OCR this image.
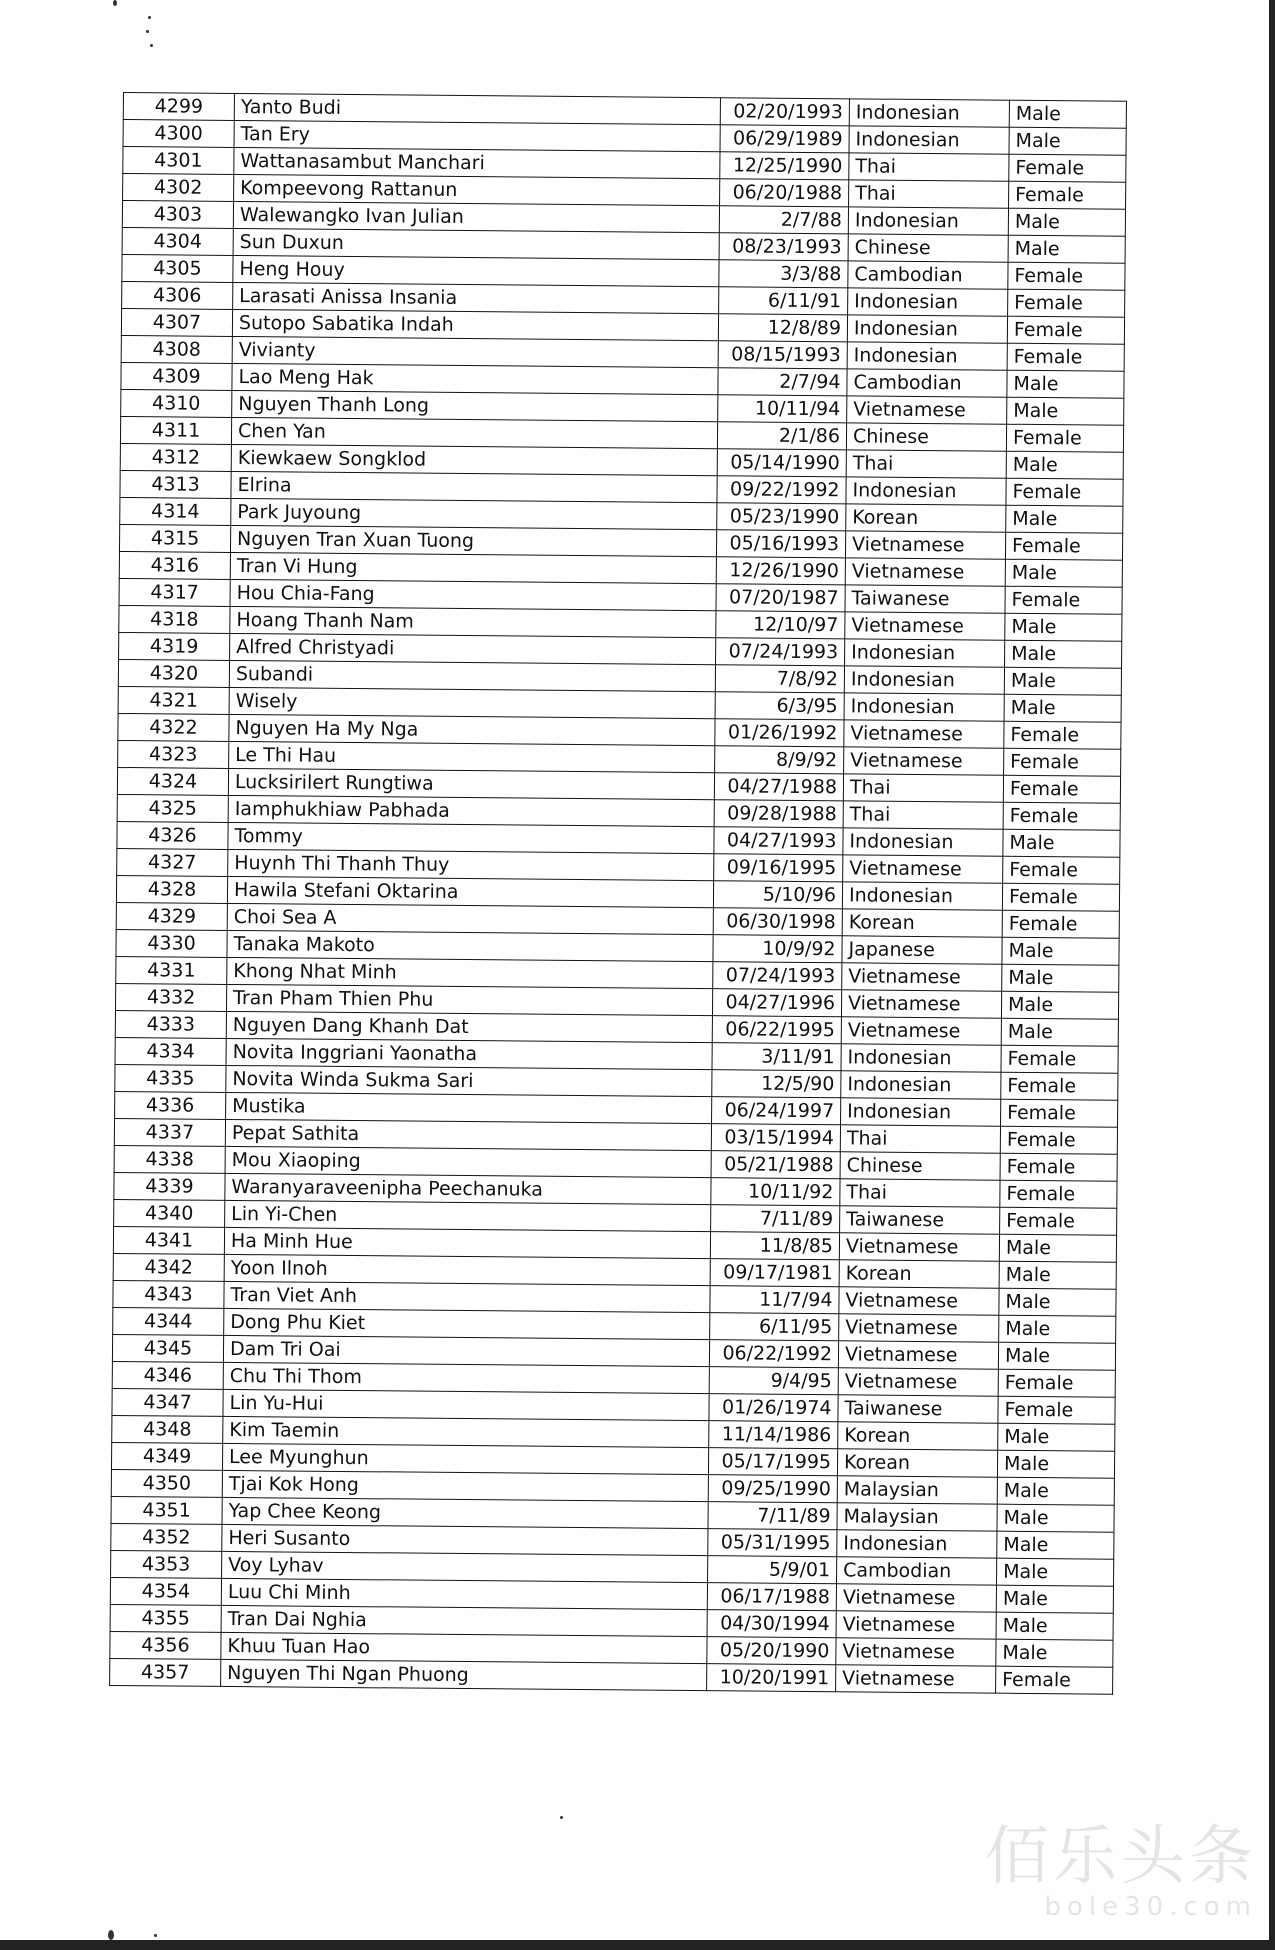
4299	Yanto Budi	02/20/1993	Indonesian	Male
4300	Tan Ery	06/29/1989	Indonesian	Male
4301	Wattanasambut Manchari	12/25/1990	Thai	Female
4302	Kompeevong Rattanun	06/20/1988	Thai	Female
4303	Walewangko Ivan Julian	2/7/88	Indonesian	Male
4304	Sun Duxun	08/23/1993	Chinese	Male
4305	Heng Houy	3/3/88	Cambodian	Female
4306	Larasati Anissa Insania	6/11/91	Indonesian	Female
4307	Sutopo Sabatika Indah	12/8/89	Indonesian	Female
4308	Vivianty	08/15/1993	Indonesian	Female
4309	Lao Meng Hak	2/7/94	Cambodian	Male
4310	Nguyen Thanh Long	10/11/94	Vietnamese	Male
4311	Chen Yan	2/1/86	Chinese	Female
4312	Kiewkaew Songklod	05/14/1990	Thai	Male
4313	Elrina	09/22/1992	Indonesian	Female
4314	Park Juyoung	05/23/1990	Korean	Male
4315	Nguyen Tran Xuan Tuong	05/16/1993	Vietnamese	Female
4316	Tran Vi Hung	12/26/1990	Vietnamese	Male
4317	Hou Chia-Fang	07/20/1987	Taiwanese	Female
4318	Hoang Thanh Nam	12/10/97	Vietnamese	Male
4319	Alfred Christyadi	07/24/1993	Indonesian	Male
4320	Subandi	7/8/92	Indonesian	Male
4321	Wisely	6/3/95	Indonesian	Male
4322	Nguyen Ha My Nga	01/26/1992	Vietnamese	Female
4323	Le Thi Hau	8/9/92	Vietnamese	Female
4324	Lucksirilert Rungtiwa	04/27/1988	Thai	Female
4325	Iamphukhiaw Pabhada	09/28/1988	Thai	Female
4326	Tommy	04/27/1993	Indonesian	Male
4327	Huynh Thi Thanh Thuy	09/16/1995	Vietnamese	Female
4328	Hawila Stefani Oktarina	5/10/96	Indonesian	Female
4329	Choi Sea A	06/30/1998	Korean	Female
4330	Tanaka Makoto	10/9/92	Japanese	Male
4331	Khong Nhat Minh	07/24/1993	Vietnamese	Male
4332	Tran Pham Thien Phu	04/27/1996	Vietnamese	Male
4333	Nguyen Dang Khanh Dat	06/22/1995	Vietnamese	Male
4334	Novita Inggriani Yaonatha	3/11/91	Indonesian	Female
4335	Novita Winda Sukma Sari	12/5/90	Indonesian	Female
4336	Mustika	06/24/1997	Indonesian	Female
4337	Pepat Sathita	03/15/1994	Thai	Female
4338	Mou Xiaoping	05/21/1988	Chinese	Female
4339	Waranyaraveenipha Peechanuka	10/11/92	Thai	Female
4340	Lin Yi-Chen	7/11/89	Taiwanese	Female
4341	Ha Minh Hue	11/8/85	Vietnamese	Male
4342	Yoon Ilnoh	09/17/1981	Korean	Male
4343	Tran Viet Anh	11/7/94	Vietnamese	Male
4344	Dong Phu Kiet	6/11/95	Vietnamese	Male
4345	Dam Tri Oai	06/22/1992	Vietnamese	Male
4346	Chu Thi Thom	9/4/95	Vietnamese	Female
4347	Lin Yu-Hui	01/26/1974	Taiwanese	Female
4348	Kim Taemin	11/14/1986	Korean	Male
4349	Lee Myunghun	05/17/1995	Korean	Male
4350	Tjai Kok Hong	09/25/1990	Malaysian	Male
4351	Yap Chee Keong	7/11/89	Malaysian	Male
4352	Heri Susanto	05/31/1995	Indonesian	Male
4353	Voy Lyhav	5/9/01	Cambodian	Male
4354	Luu Chi Minh	06/17/1988	Vietnamese	Male
4355	Tran Dai Nghia	04/30/1994	Vietnamese	Male
4356	Khuu Tuan Hao	05/20/1990	Vietnamese	Male
4357	Nguyen Thi Ngan Phuong	10/20/1991	Vietnamese	Female
佰乐头条
bole30.com
